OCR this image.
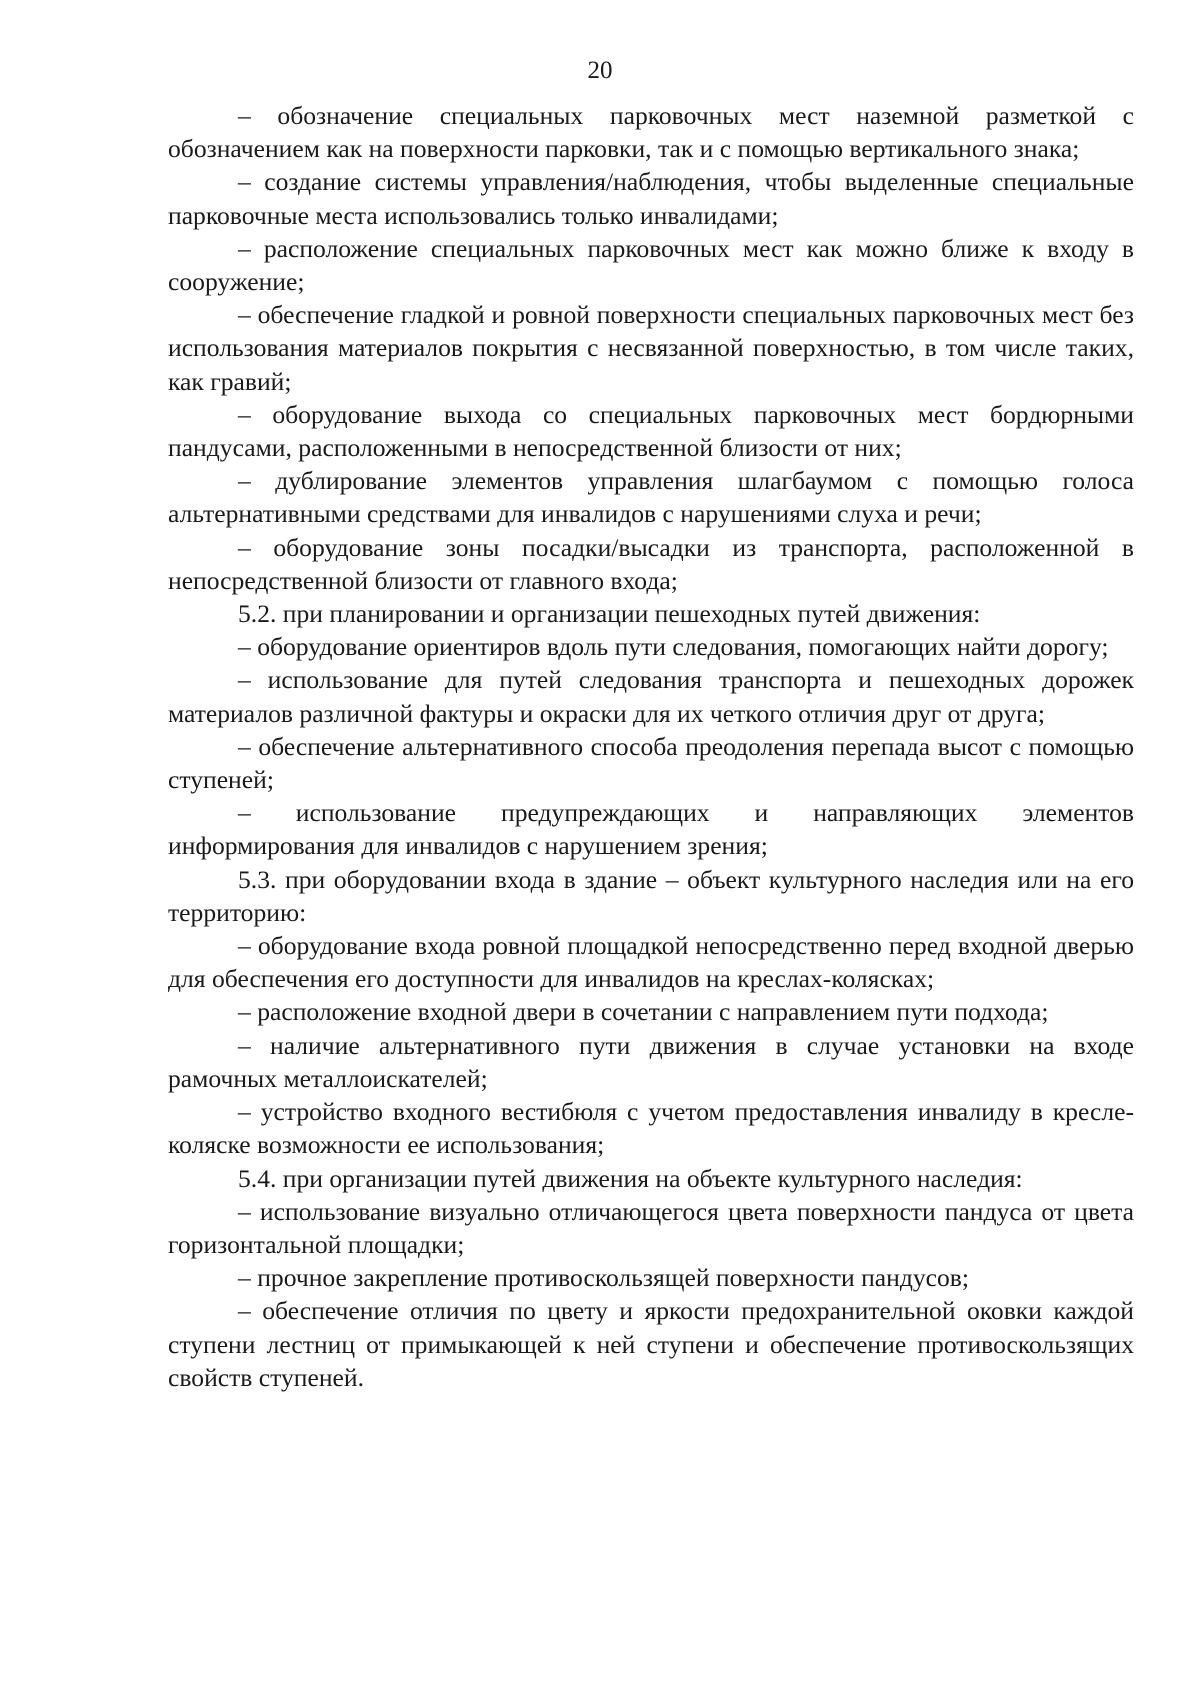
20

– обозначение специальных парковочных мест наземной разметкой с обозначением как на поверхности парковки, так и с помощью вертикального знака;

– создание системы управления/наблюдения, чтобы выделенные специальные парковочные места использовались только инвалидами;

– расположение специальных парковочных мест как можно ближе к входу в сооружение;

– обеспечение гладкой и ровной поверхности специальных парковочных мест без использования материалов покрытия с несвязанной поверхностью, в том числе таких, как гравий;

– оборудование выхода со специальных парковочных мест бордюрными пандусами, расположенными в непосредственной близости от них;

– дублирование элементов управления шлагбаумом с помощью голоса альтернативными средствами для инвалидов с нарушениями слуха и речи;

– оборудование зоны посадки/высадки из транспорта, расположенной в непосредственной близости от главного входа;

5.2. при планировании и организации пешеходных путей движения:

– оборудование ориентиров вдоль пути следования, помогающих найти дорогу;

– использование для путей следования транспорта и пешеходных дорожек материалов различной фактуры и окраски для их четкого отличия друг от друга;

– обеспечение альтернативного способа преодоления перепада высот с помощью ступеней;

– использование предупреждающих и направляющих элементов информирования для инвалидов с нарушением зрения;

5.3. при оборудовании входа в здание – объект культурного наследия или на его территорию:

– оборудование входа ровной площадкой непосредственно перед входной дверью для обеспечения его доступности для инвалидов на креслах-колясках;

– расположение входной двери в сочетании с направлением пути подхода;

– наличие альтернативного пути движения в случае установки на входе рамочных металлоискателей;

– устройство входного вестибюля с учетом предоставления инвалиду в кресле-коляске возможности ее использования;

5.4. при организации путей движения на объекте культурного наследия:

– использование визуально отличающегося цвета поверхности пандуса от цвета горизонтальной площадки;

– прочное закрепление противоскользящей поверхности пандусов;

– обеспечение отличия по цвету и яркости предохранительной оковки каждой ступени лестниц от примыкающей к ней ступени и обеспечение противоскользящих свойств ступеней.
